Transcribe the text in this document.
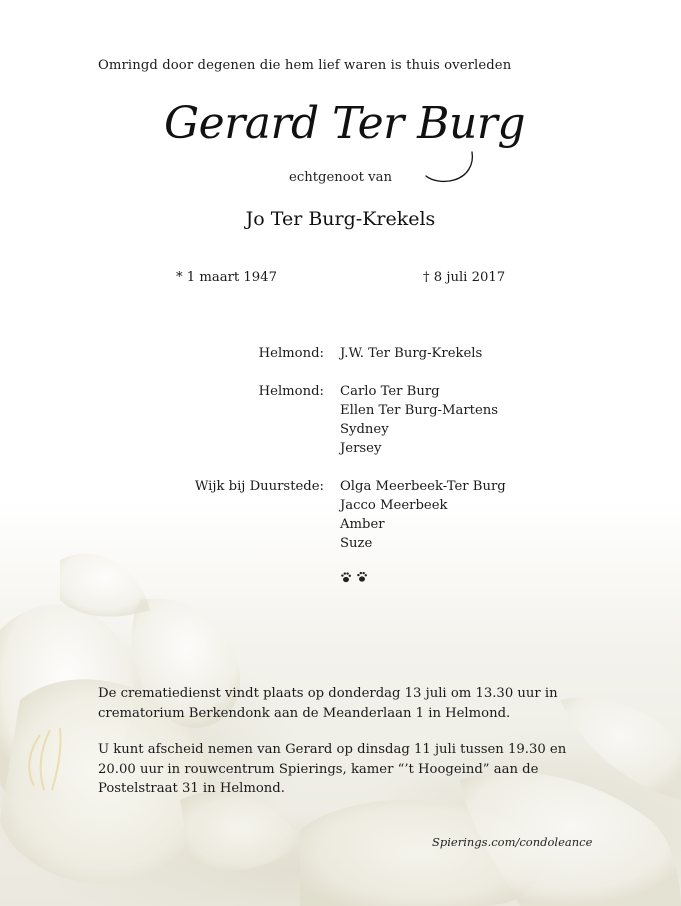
Omringd door degenen die hem lief waren is thuis overleden
Gerard Ter Burg
echtgenoot van
Jo Ter Burg-Krekels
* 1 maart 1947	† 8 juli 2017
Helmond: J.W. Ter Burg-Krekels
Helmond: Carlo Ter Burg
Ellen Ter Burg-Martens
Sydney
Jersey
Wijk bij Duurstede: Olga Meerbeek-Ter Burg
Jacco Meerbeek
Amber
Suze
De crematiedienst vindt plaats op donderdag 13 juli om 13.30 uur in crematorium Berkendonk aan de Meanderlaan 1 in Helmond.
U kunt afscheid nemen van Gerard op dinsdag 11 juli tussen 19.30 en 20.00 uur in rouwcentrum Spierings, kamer “’t Hoogeind” aan de Postelstraat 31 in Helmond.
Spierings.com/condoleance
